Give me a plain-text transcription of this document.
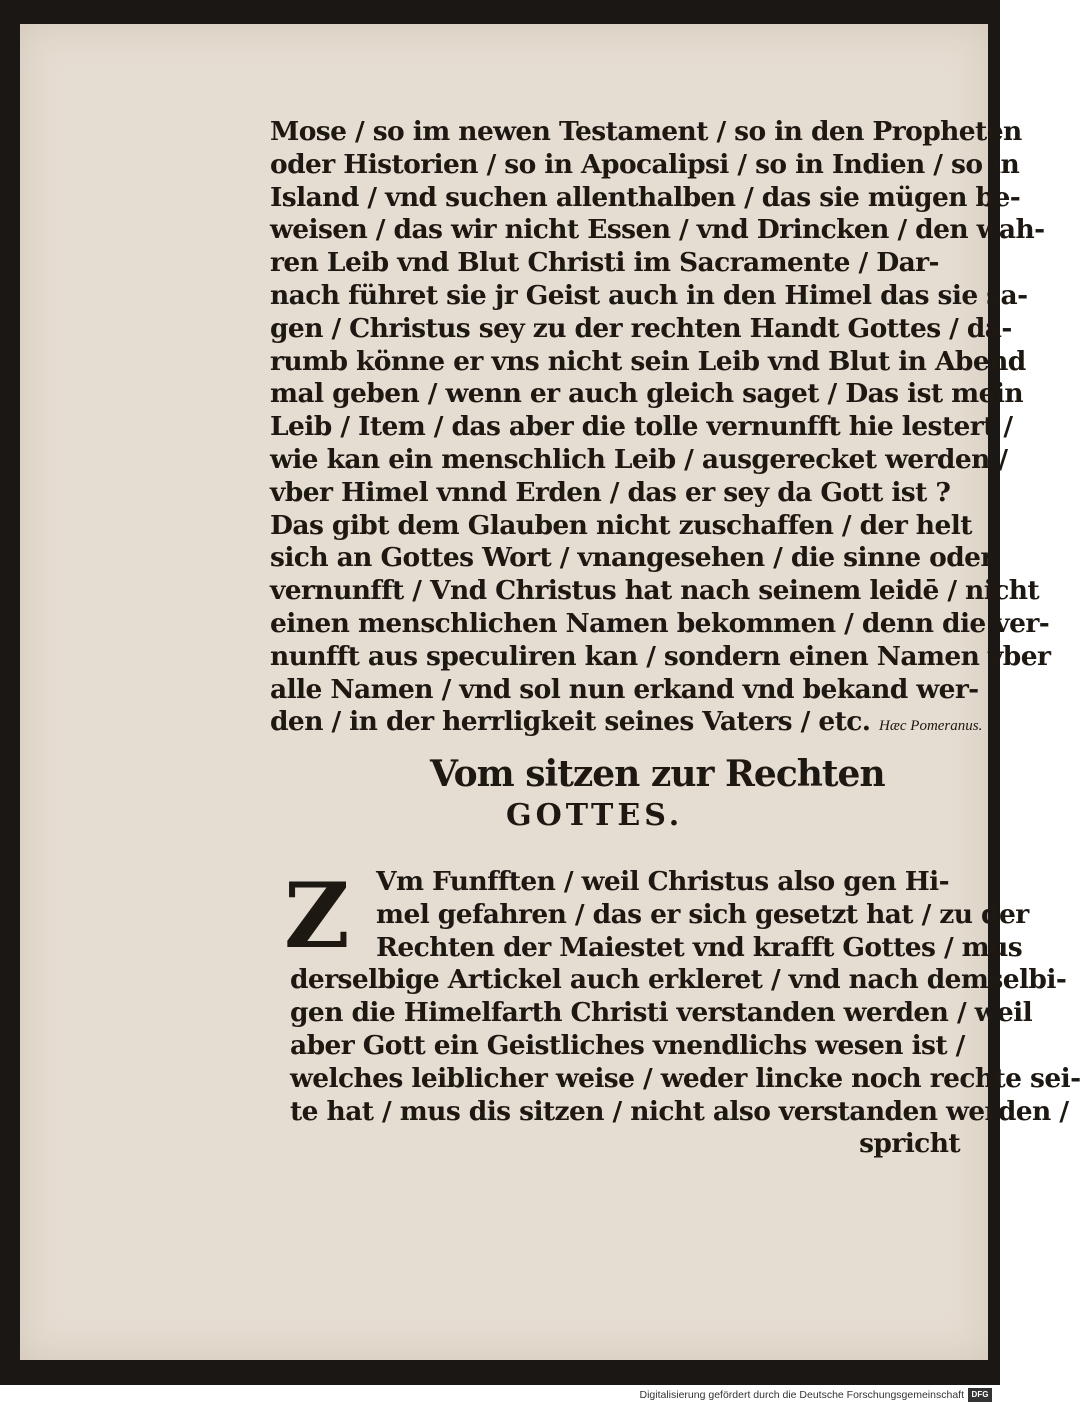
Mose / so im newen Testament / so in den Propheten
oder Historien / so in Apocalipsi / so in Indien / so in
Island / vnd suchen allenthalben / das sie mügen be-
weisen / das wir nicht Essen / vnd Drincken / den wah-
ren Leib vnd Blut Christi im Sacramente / Dar-
nach führet sie jr Geist auch in den Himel das sie sa-
gen / Christus sey zu der rechten Handt Gottes / da-
rumb könne er vns nicht sein Leib vnd Blut in Abend
mal geben / wenn er auch gleich saget / Das ist mein
Leib / Item / das aber die tolle vernunfft hie lestert /
wie kan ein menschlich Leib / ausgerecket werden /
vber Himel vnnd Erden / das er sey da Gott ist ?
Das gibt dem Glauben nicht zuschaffen / der helt
sich an Gottes Wort / vnangesehen / die sinne oder
vernunfft / Vnd Christus hat nach seinem leidē / nicht
einen menschlichen Namen bekommen / denn die ver-
nunfft aus speculiren kan / sondern einen Namen vber
alle Namen / vnd sol nun erkand vnd bekand wer-
den / in der herrligkeit seines Vaters / etc. Hæc Pomeranus.
Vom sitzen zur Rechten
GOTTES.
Z Vm Funfften / weil Christus also gen Hi-
mel gefahren / das er sich gesetzt hat / zu der
Rechten der Maiestet vnd krafft Gottes / mus
derselbige Artickel auch erkleret / vnd nach demselbi-
gen die Himelfarth Christi verstanden werden / weil
aber Gott ein Geistliches vnendlichs wesen ist /
welches leiblicher weise / weder lincke noch rechte sei-
te hat / mus dis sitzen / nicht also verstanden werden /
spricht
Digitalisierung gefördert durch die Deutsche Forschungsgemeinschaft DFG
